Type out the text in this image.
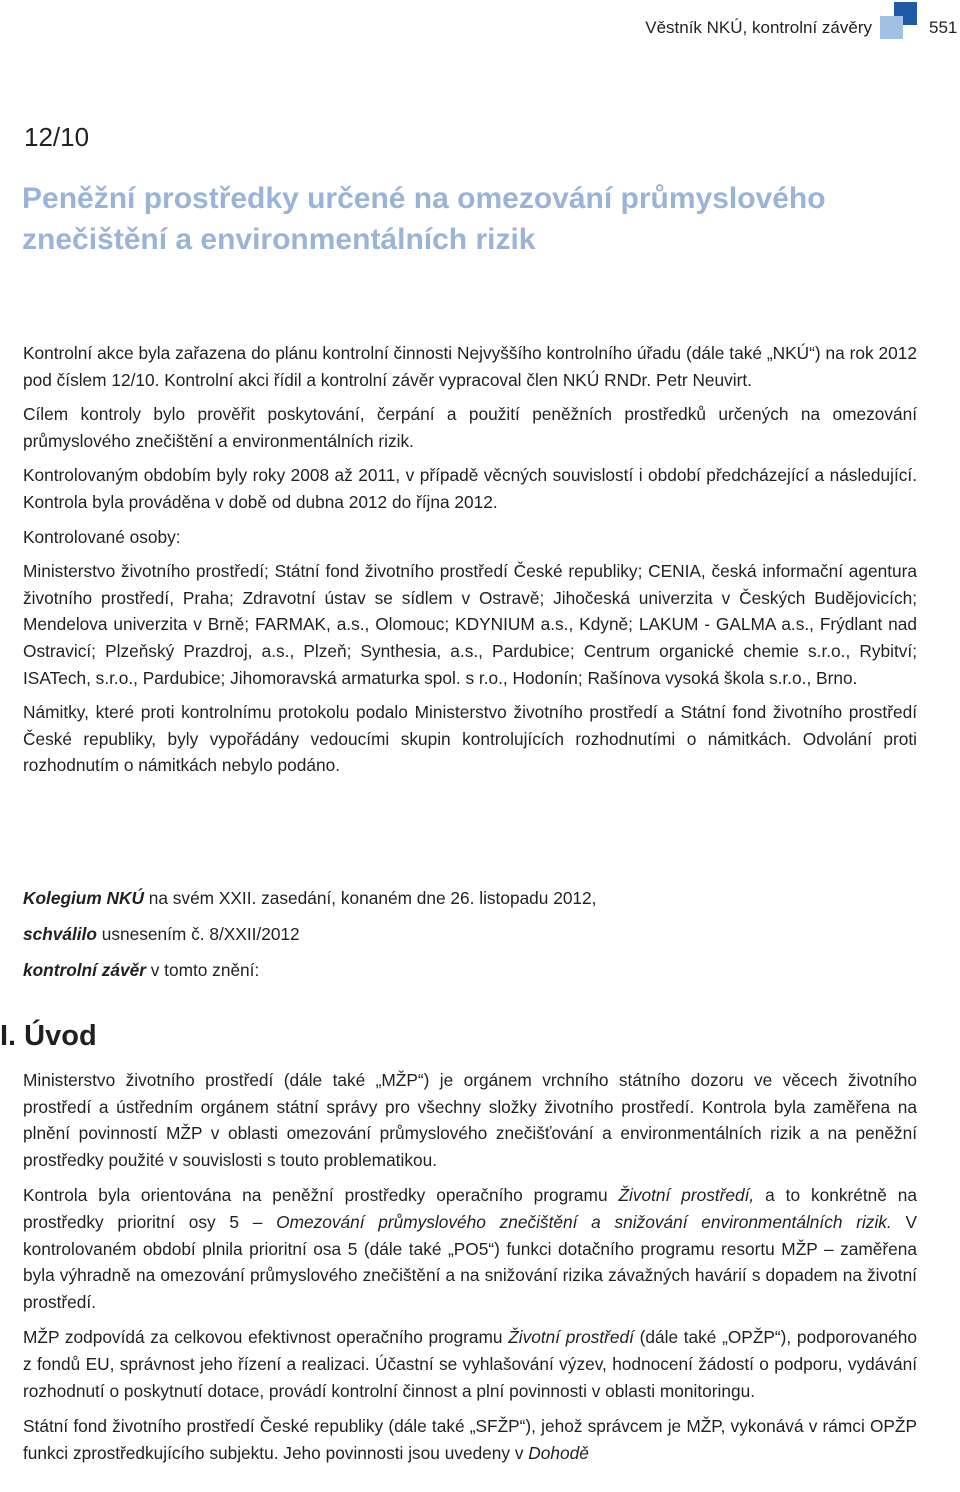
Věstník NKÚ, kontrolní závěry	551
12/10
Peněžní prostředky určené na omezování průmyslového znečištění a environmentálních rizik

Kontrolní akce byla zařazena do plánu kontrolní činnosti Nejvyššího kontrolního úřadu (dále také „NKÚ“) na rok 2012 pod číslem 12/10. Kontrolní akci řídil a kontrolní závěr vypracoval člen NKÚ RNDr. Petr Neuvirt.

Cílem kontroly bylo prověřit poskytování, čerpání a použití peněžních prostředků určených na omezování průmyslového znečištění a environmentálních rizik.

Kontrolovaným obdobím byly roky 2008 až 2011, v případě věcných souvislostí i období předcházející a následující. Kontrola byla prováděna v době od dubna 2012 do října 2012.

Kontrolované osoby:

Ministerstvo životního prostředí; Státní fond životního prostředí České republiky; CENIA, česká informační agentura životního prostředí, Praha; Zdravotní ústav se sídlem v Ostravě; Jihočeská univerzita v Českých Budějovicích; Mendelova univerzita v Brně; FARMAK, a.s., Olomouc; KDYNIUM a.s., Kdyně; LAKUM - GALMA a.s., Frýdlant nad Ostravicí; Plzeňský Prazdroj, a.s., Plzeň; Synthesia, a.s., Pardubice; Centrum organické chemie s.r.o., Rybitví; ISATech, s.r.o., Pardubice; Jihomoravská armaturka spol. s r.o., Hodonín; Rašínova vysoká škola s.r.o., Brno.

Námitky, které proti kontrolnímu protokolu podalo Ministerstvo životního prostředí a Státní fond životního prostředí České republiky, byly vypořádány vedoucími skupin kontrolujících rozhodnutími o námitkách. Odvolání proti rozhodnutím o námitkách nebylo podáno.

Kolegium NKÚ na svém XXII. zasedání, konaném dne 26. listopadu 2012,

schválilo usnesením č. 8/XXII/2012

kontrolní závěr v tomto znění:

I. Úvod

Ministerstvo životního prostředí (dále také „MŽP“) je orgánem vrchního státního dozoru ve věcech životního prostředí a ústředním orgánem státní správy pro všechny složky životního prostředí. Kontrola byla zaměřena na plnění povinností MŽP v oblasti omezování průmyslového znečišťování a environmentálních rizik a na peněžní prostředky použité v souvislosti s touto problematikou.

Kontrola byla orientována na peněžní prostředky operačního programu Životní prostředí, a to konkrétně na prostředky prioritní osy 5 – Omezování průmyslového znečištění a snižování environmentálních rizik. V kontrolovaném období plnila prioritní osa 5 (dále také „PO5“) funkci dotačního programu resortu MŽP – zaměřena byla výhradně na omezování průmyslového znečištění a na snižování rizika závažných havárií s dopadem na životní prostředí.

MŽP zodpovídá za celkovou efektivnost operačního programu Životní prostředí (dále také „OPŽP“), podporovaného z fondů EU, správnost jeho řízení a realizaci. Účastní se vyhlašování výzev, hodnocení žádostí o podporu, vydávání rozhodnutí o poskytnutí dotace, provádí kontrolní činnost a plní povinnosti v oblasti monitoringu.

Státní fond životního prostředí České republiky (dále také „SFŽP“), jehož správcem je MŽP, vykonává v rámci OPŽP funkci zprostředkujícího subjektu. Jeho povinnosti jsou uvedeny v Dohodě
